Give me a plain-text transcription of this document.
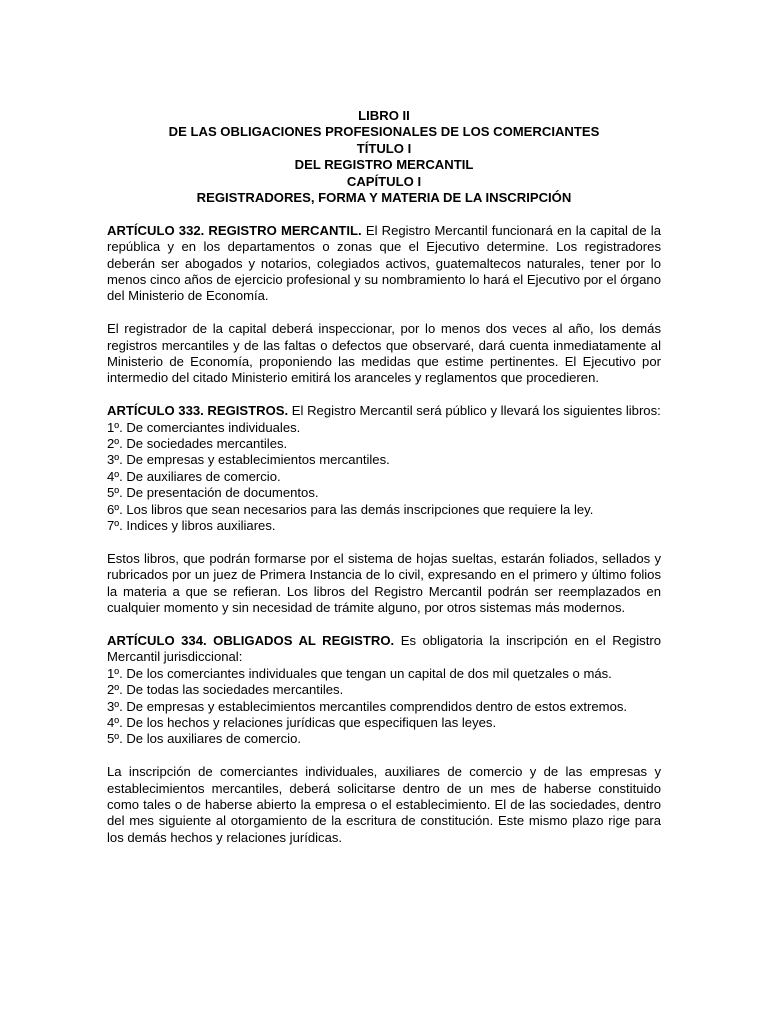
LIBRO II
DE LAS OBLIGACIONES PROFESIONALES DE LOS COMERCIANTES
TÍTULO I
DEL REGISTRO MERCANTIL
CAPÍTULO I
REGISTRADORES, FORMA Y MATERIA DE LA INSCRIPCIÓN

ARTÍCULO 332. REGISTRO MERCANTIL. El Registro Mercantil funcionará en la capital de la república y en los departamentos o zonas que el Ejecutivo determine. Los registradores deberán ser abogados y notarios, colegiados activos, guatemaltecos naturales, tener por lo menos cinco años de ejercicio profesional y su nombramiento lo hará el Ejecutivo por el órgano del Ministerio de Economía.

El registrador de la capital deberá inspeccionar, por lo menos dos veces al año, los demás registros mercantiles y de las faltas o defectos que observaré, dará cuenta inmediatamente al Ministerio de Economía, proponiendo las medidas que estime pertinentes. El Ejecutivo por intermedio del citado Ministerio emitirá los aranceles y reglamentos que procedieren.

ARTÍCULO 333. REGISTROS. El Registro Mercantil será público y llevará los siguientes libros:

1º. De comerciantes individuales.
2º. De sociedades mercantiles.
3º. De empresas y establecimientos mercantiles.
4º. De auxiliares de comercio.
5º. De presentación de documentos.
6º. Los libros que sean necesarios para las demás inscripciones que requiere la ley.
7º. Indices y libros auxiliares.

Estos libros, que podrán formarse por el sistema de hojas sueltas, estarán foliados, sellados y rubricados por un juez de Primera Instancia de lo civil, expresando en el primero y último folios la materia a que se refieran. Los libros del Registro Mercantil podrán ser reemplazados en cualquier momento y sin necesidad de trámite alguno, por otros sistemas más modernos.

ARTÍCULO 334. OBLIGADOS AL REGISTRO. Es obligatoria la inscripción en el Registro Mercantil jurisdiccional:

1º. De los comerciantes individuales que tengan un capital de dos mil quetzales o más.
2º. De todas las sociedades mercantiles.
3º. De empresas y establecimientos mercantiles comprendidos dentro de estos extremos.
4º. De los hechos y relaciones jurídicas que especifiquen las leyes.
5º. De los auxiliares de comercio.

La inscripción de comerciantes individuales, auxiliares de comercio y de las empresas y establecimientos mercantiles, deberá solicitarse dentro de un mes de haberse constituido como tales o de haberse abierto la empresa o el establecimiento. El de las sociedades, dentro del mes siguiente al otorgamiento de la escritura de constitución. Este mismo plazo rige para los demás hechos y relaciones jurídicas.
